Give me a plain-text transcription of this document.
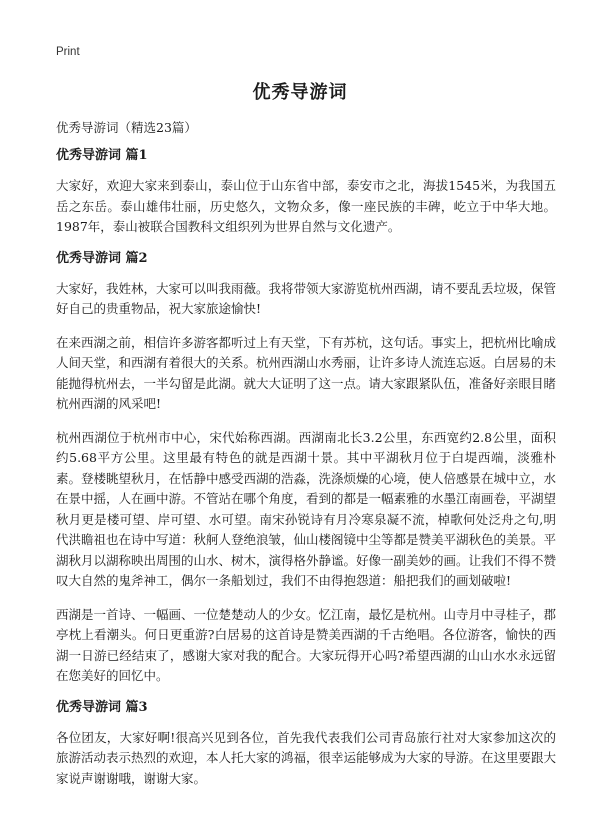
Print
优秀导游词
优秀导游词（精选23篇）
优秀导游词 篇1

大家好，欢迎大家来到泰山，泰山位于山东省中部，泰安市之北，海拔1545米，为我国五岳之东岳。泰山雄伟壮丽，历史悠久，文物众多，像一座民族的丰碑，屹立于中华大地。1987年，泰山被联合国教科文组织列为世界自然与文化遗产。

优秀导游词 篇2

大家好，我姓林，大家可以叫我雨薇。我将带领大家游览杭州西湖，请不要乱丢垃圾，保管好自己的贵重物品，祝大家旅途愉快!

在来西湖之前，相信许多游客都听过上有天堂，下有苏杭，这句话。事实上，把杭州比喻成人间天堂，和西湖有着很大的关系。杭州西湖山水秀丽，让许多诗人流连忘返。白居易的未能抛得杭州去，一半勾留是此湖。就大大证明了这一点。请大家跟紧队伍，准备好亲眼目睹杭州西湖的风采吧!

杭州西湖位于杭州市中心，宋代始称西湖。西湖南北长3.2公里，东西宽约2.8公里，面积约5.68平方公里。这里最有特色的就是西湖十景。其中平湖秋月位于白堤西端，淡雅朴素。登楼眺望秋月，在恬静中感受西湖的浩淼，洗涤烦燥的心境，使人倍感景在城中立，水在景中摇，人在画中游。不管站在哪个角度，看到的都是一幅素雅的水墨江南画卷，平湖望秋月更是楼可望、岸可望、水可望。南宋孙锐诗有月冷寒泉凝不流，棹歌何处泛舟之句,明代洪瞻祖也在诗中写道：秋舸人登绝浪皱，仙山楼阁镜中尘等都是赞美平湖秋色的美景。平湖秋月以湖称映出周围的山水、树木，演得格外静谧。好像一副美妙的画。让我们不得不赞叹大自然的鬼斧神工，偶尔一条船划过，我们不由得抱怨道：船把我们的画划破啦!

西湖是一首诗、一幅画、一位楚楚动人的少女。忆江南，最忆是杭州。山寺月中寻桂子，郡亭枕上看潮头。何日更重游?白居易的这首诗是赞美西湖的千古绝唱。各位游客，愉快的西湖一日游已经结束了，感谢大家对我的配合。大家玩得开心吗?希望西湖的山山水水永远留在您美好的回忆中。

优秀导游词 篇3

各位团友，大家好啊!很高兴见到各位，首先我代表我们公司青岛旅行社对大家参加这次的旅游活动表示热烈的欢迎，本人托大家的鸿福，很幸运能够成为大家的导游。在这里要跟大家说声谢谢哦，谢谢大家。
